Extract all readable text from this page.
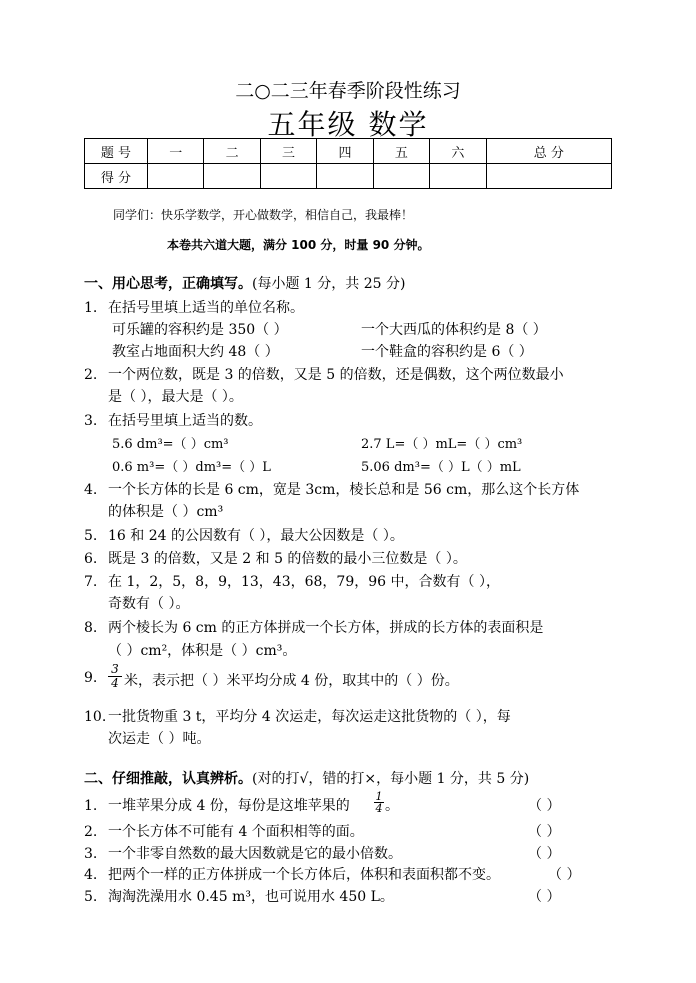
二○二三年春季阶段性练习
五年级 数学
题 号	一	二	三	四	五	六	总 分
得 分							
同学们：快乐学数学，开心做数学，相信自己，我最棒！
本卷共六道大题，满分 100 分，时量 90 分钟。
一、用心思考，正确填写。(每小题 1 分，共 25 分)
1. 在括号里填上适当的单位名称。
可乐罐的容积约是 350（ ）	一个大西瓜的体积约是 8（ ）
教室占地面积大约 48（ ）	一个鞋盒的容积约是 6（ ）
2. 一个两位数，既是 3 的倍数，又是 5 的倍数，还是偶数，这个两位数最小
是（ ），最大是（ ）。
3. 在括号里填上适当的数。
5.6 dm³=（ ）cm³	2.7 L=（ ）mL=（ ）cm³
0.6 m³=（ ）dm³=（ ）L	5.06 dm³=（ ）L（ ）mL
4. 一个长方体的长是 6 cm，宽是 3cm，棱长总和是 56 cm，那么这个长方体
的体积是（ ）cm³
5. 16 和 24 的公因数有（ ），最大公因数是（ ）。
6. 既是 3 的倍数，又是 2 和 5 的倍数的最小三位数是（ ）。
7. 在 1，2，5，8，9，13，43，68，79，96 中，合数有（ ），
奇数有（ ）。
8. 两个棱长为 6 cm 的正方体拼成一个长方体，拼成的长方体的表面积是
（ ）cm²，体积是（ ）cm³。
9. $\frac{3}{4}$ 米，表示把（ ）米平均分成 4 份，取其中的（ ）份。
10. 一批货物重 3 t，平均分 4 次运走，每次运走这批货物的（ ），每
次运走（ ）吨。
二、仔细推敲，认真辨析。(对的打√，错的打×，每小题 1 分，共 5 分)
1. 一堆苹果分成 4 份，每份是这堆苹果的 $\frac{1}{4}$ 。	（ ）
2. 一个长方体不可能有 4 个面积相等的面。	（ ）
3. 一个非零自然数的最大因数就是它的最小倍数。	（ ）
4. 把两个一样的正方体拼成一个长方体后，体积和表面积都不变。	（ ）
5. 淘淘洗澡用水 0.45 m³，也可说用水 450 L。	（ ）
